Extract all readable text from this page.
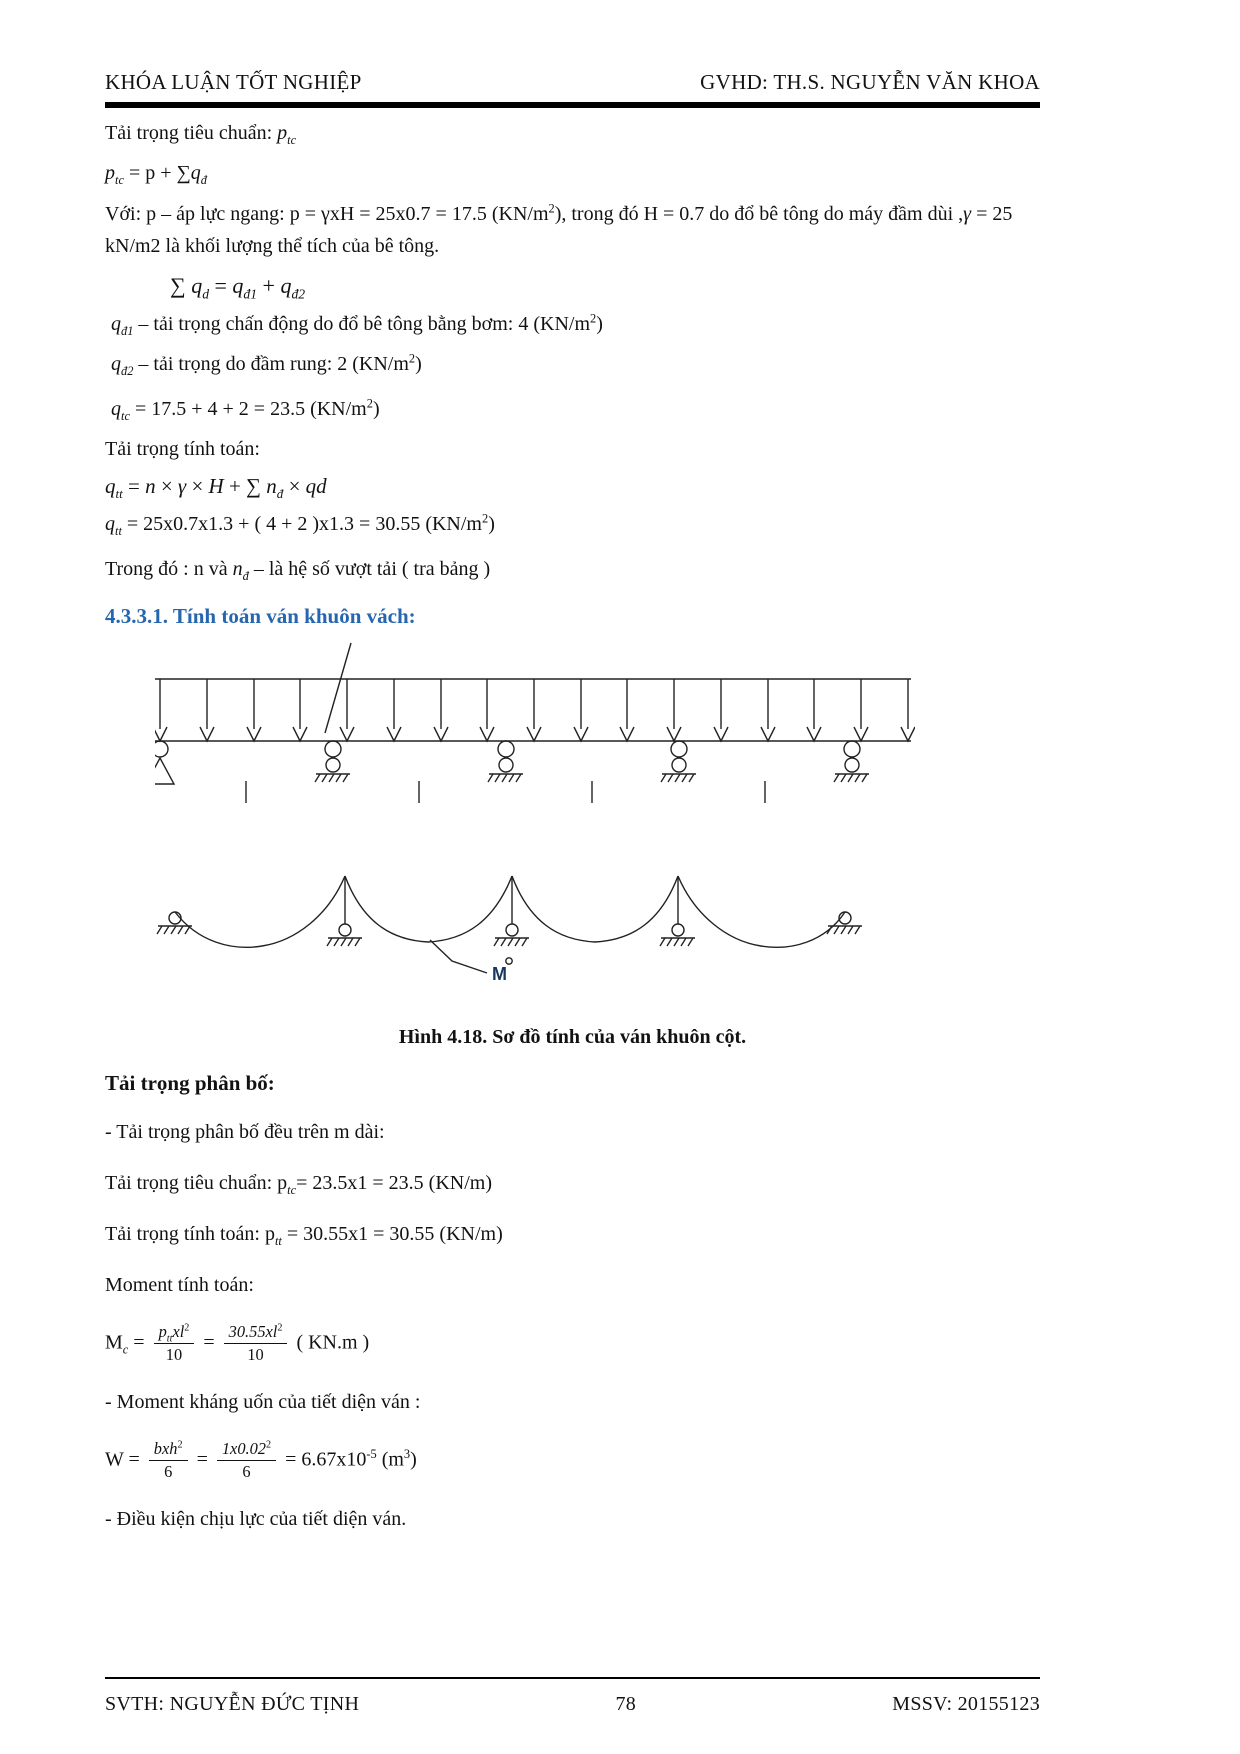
KHÓA LUẬN TỐT NGHIỆP	GVHD: TH.S. NGUYỄN VĂN KHOA

Tải trọng tiêu chuẩn: $p_{tc}$

$p_{tc} = p + \sum q_đ$

Với: p – áp lực ngang: p = γxH = 25x0.7 = 17.5 $(KN/m^2)$, trong đó H = 0.7 do đổ bê tông do máy đầm dùi ,γ = 25 kN/m2 là khối lượng thể tích của bê tông.

∑ $q_d = q_{đ1} + q_{đ2}$

$q_{đ1}$ – tải trọng chấn động do đổ bê tông bằng bơm: 4 $(KN/m^2)$

$q_{đ2}$ – tải trọng do đầm rung: 2 $(KN/m^2)$

$q_{tc} = 17.5 + 4 + 2 = 23.5$ $(KN/m^2)$

Tải trọng tính toán:

$q_{tt} = n \times \gamma \times H$ + ∑ $n_đ$ × qd

$q_{tt} = 25x0.7x1.3$ + ( 4 + 2 )x1.3 = 30.55 $(KN/m^2)$

Trong đó : n và $n_đ$ – là hệ số vượt tải ( tra bảng )

4.3.3.1. Tính toán ván khuôn vách:

M

Hình 4.18. Sơ đồ tính của ván khuôn cột.

Tải trọng phân bố:

- Tải trọng phân bố đều trên m dài:

Tải trọng tiêu chuẩn: $p_{tc}= 23.5x1 = 23.5$ (KN/m)

Tải trọng tính toán: $p_{tt} = 30.55x1 = 30.55$ (KN/m)

Moment tính toán:

$M_c = \frac{p_{tt}xl^2}{10} = \frac{30.55xl^2}{10}$ ( KN.m )

- Moment kháng uốn của tiết diện ván :

$W = \frac{bxh^2}{6} = \frac{1x0.02^2}{6} = 6.67x10^{-5}$ $(m^3)$

- Điều kiện chịu lực của tiết diện ván.

SVTH: NGUYỄN ĐỨC TỊNH	78	MSSV: 20155123
